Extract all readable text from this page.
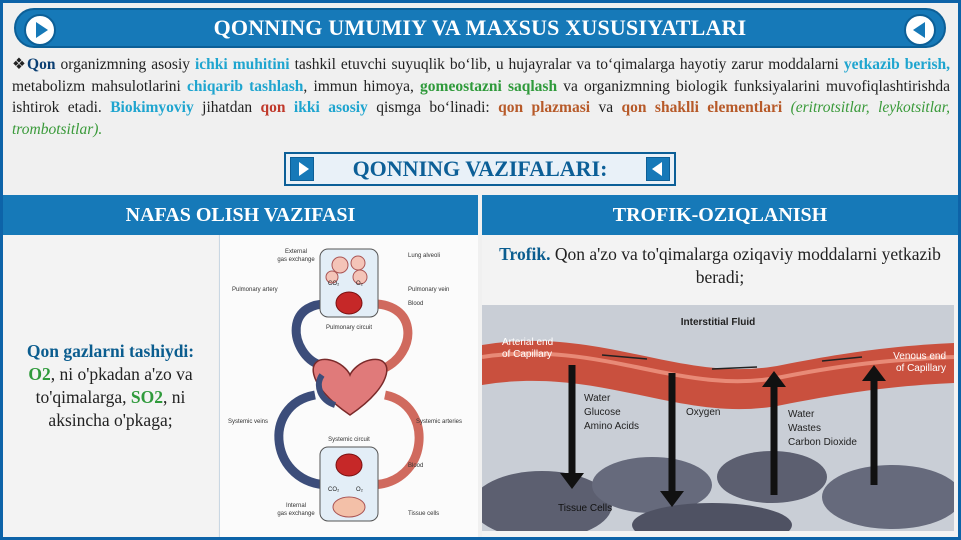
QONNING UMUMIY VA MAXSUS XUSUSIYATLARI

❖Qon organizmning asosiy ichki muhitini tashkil etuvchi suyuqlik bo‘lib, u hujayralar va to‘qimalarga hayotiy zarur moddalarni yetkazib berish, metabolizm mahsulotlarini chiqarib tashlash, immun himoya, gomeostazni saqlash va organizmning biologik funksiyalarini muvofiqlashtirishda ishtirok etadi. Biokimyoviy jihatdan qon ikki asosiy qismga bo‘linadi: qon plazmasi va qon shaklli elementlari (eritrotsitlar, leykotsitlar, trombotsitlar).

QONNING VAZIFALARI:
NAFAS OLISH VAZIFASI	TROFIK-OZIQLANISH

Qon gazlarni tashiydi:
O2, ni o'pkadan a'zo va to'qimalarga, SO2, ni aksincha o'pkaga;

CO₂	O₂
CO₂	O₂
External
gas exchange
Lung alveoli
Pulmonary artery	Pulmonary vein
Blood
Pulmonary circuit
Systemic veins	Systemic arteries
Systemic circuit
Blood
Internal
gas exchange	Tissue cells

Trofik. Qon a'zo va to'qimalarga oziqaviy moddalarni yetkazib beradi;

Interstitial Fluid
Arterial end
of Capillary	Venous end
of Capillary
Water
Glucose
Amino Acids
Oxygen	Water
Wastes
Carbon Dioxide
Tissue Cells
